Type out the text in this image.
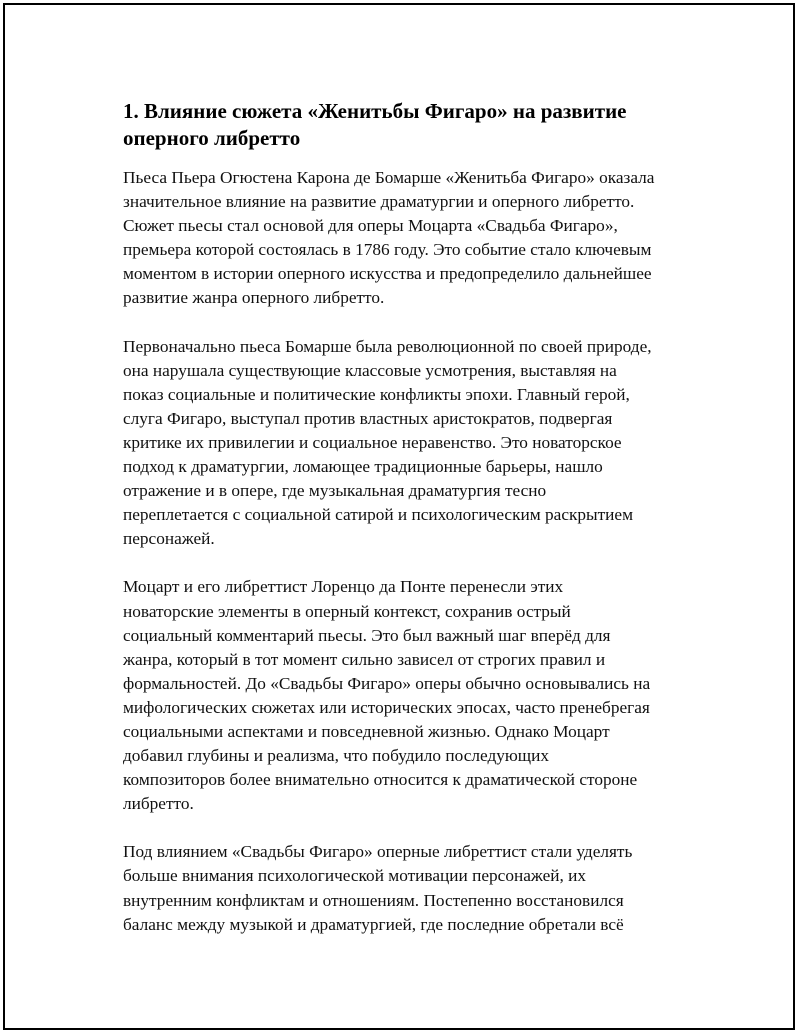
1. Влияние сюжета «Женитьбы Фигаро» на развитие оперного либретто

Пьеса Пьера Огюстена Карона де Бомарше «Женитьба Фигаро» оказала
значительное влияние на развитие драматургии и оперного либретто.
Сюжет пьесы стал основой для оперы Моцарта «Свадьба Фигаро»,
премьера которой состоялась в 1786 году. Это событие стало ключевым
моментом в истории оперного искусства и предопределило дальнейшее
развитие жанра оперного либретто.

Первоначально пьеса Бомарше была революционной по своей природе,
она нарушала существующие классовые усмотрения, выставляя на
показ социальные и политические конфликты эпохи. Главный герой,
слуга Фигаро, выступал против властных аристократов, подвергая
критике их привилегии и социальное неравенство. Это новаторское
подход к драматургии, ломающее традиционные барьеры, нашло
отражение и в опере, где музыкальная драматургия тесно
переплетается с социальной сатирой и психологическим раскрытием
персонажей.

Моцарт и его либреттист Лоренцо да Понте перенесли этих
новаторские элементы в оперный контекст, сохранив острый
социальный комментарий пьесы. Это был важный шаг вперёд для
жанра, который в тот момент сильно зависел от строгих правил и
формальностей. До «Свадьбы Фигаро» оперы обычно основывались на
мифологических сюжетах или исторических эпосах, часто пренебрегая
социальными аспектами и повседневной жизнью. Однако Моцарт
добавил глубины и реализма, что побудило последующих
композиторов более внимательно относится к драматической стороне
либретто.

Под влиянием «Свадьбы Фигаро» оперные либреттист стали уделять
больше внимания психологической мотивации персонажей, их
внутренним конфликтам и отношениям. Постепенно восстановился
баланс между музыкой и драматургией, где последние обретали всё
